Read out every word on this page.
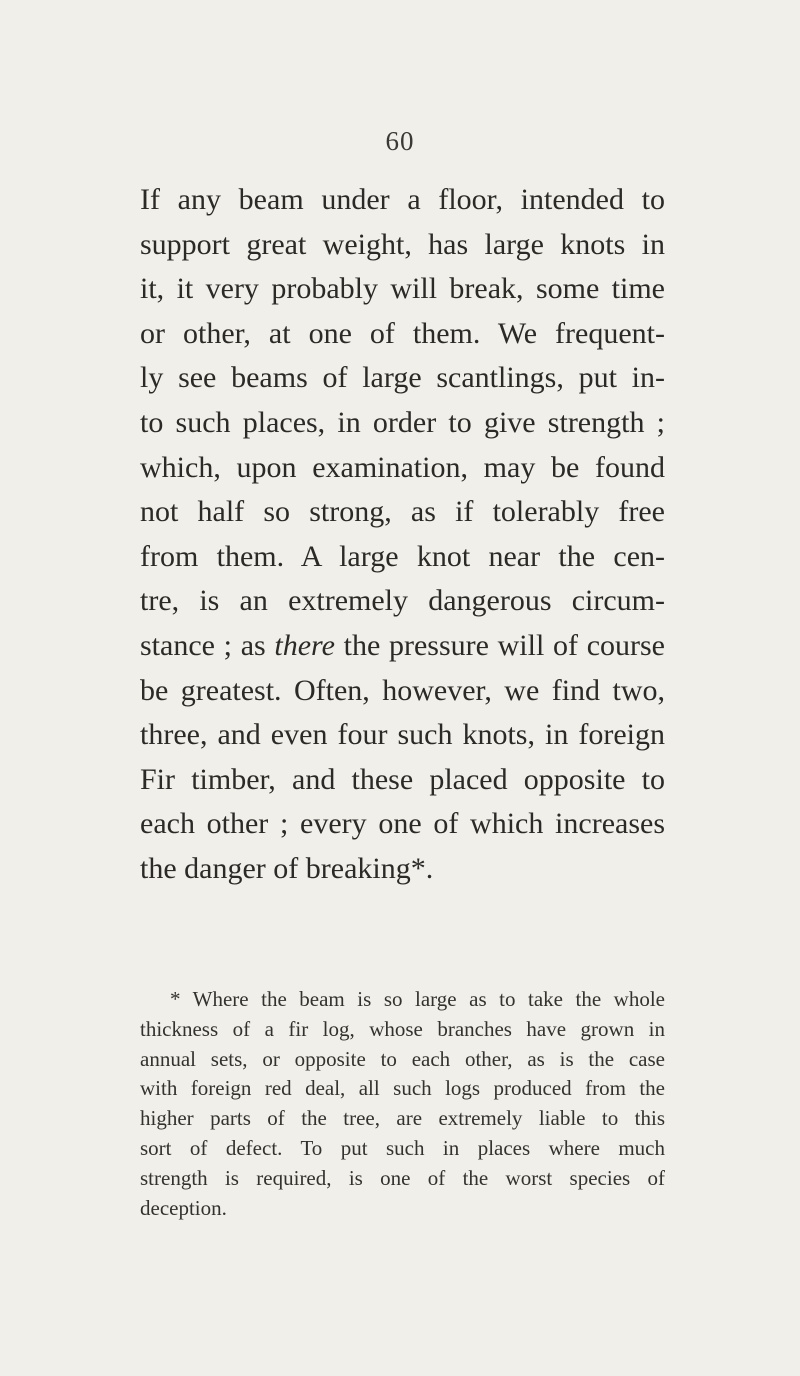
60
If any beam under a floor, intended to
support great weight, has large knots in
it, it very probably will break, some time
or other, at one of them. We frequent-
ly see beams of large scantlings, put in-
to such places, in order to give strength ;
which, upon examination, may be found
not half so strong, as if tolerably free
from them. A large knot near the cen-
tre, is an extremely dangerous circum-
stance ; as there the pressure will of course
be greatest. Often, however, we find two,
three, and even four such knots, in foreign
Fir timber, and these placed opposite to
each other ; every one of which increases
the danger of breaking*.
* Where the beam is so large as to take the whole
thickness of a fir log, whose branches have grown in
annual sets, or opposite to each other, as is the case
with foreign red deal, all such logs produced from the
higher parts of the tree, are extremely liable to this
sort of defect. To put such in places where much
strength is required, is one of the worst species of
deception.
